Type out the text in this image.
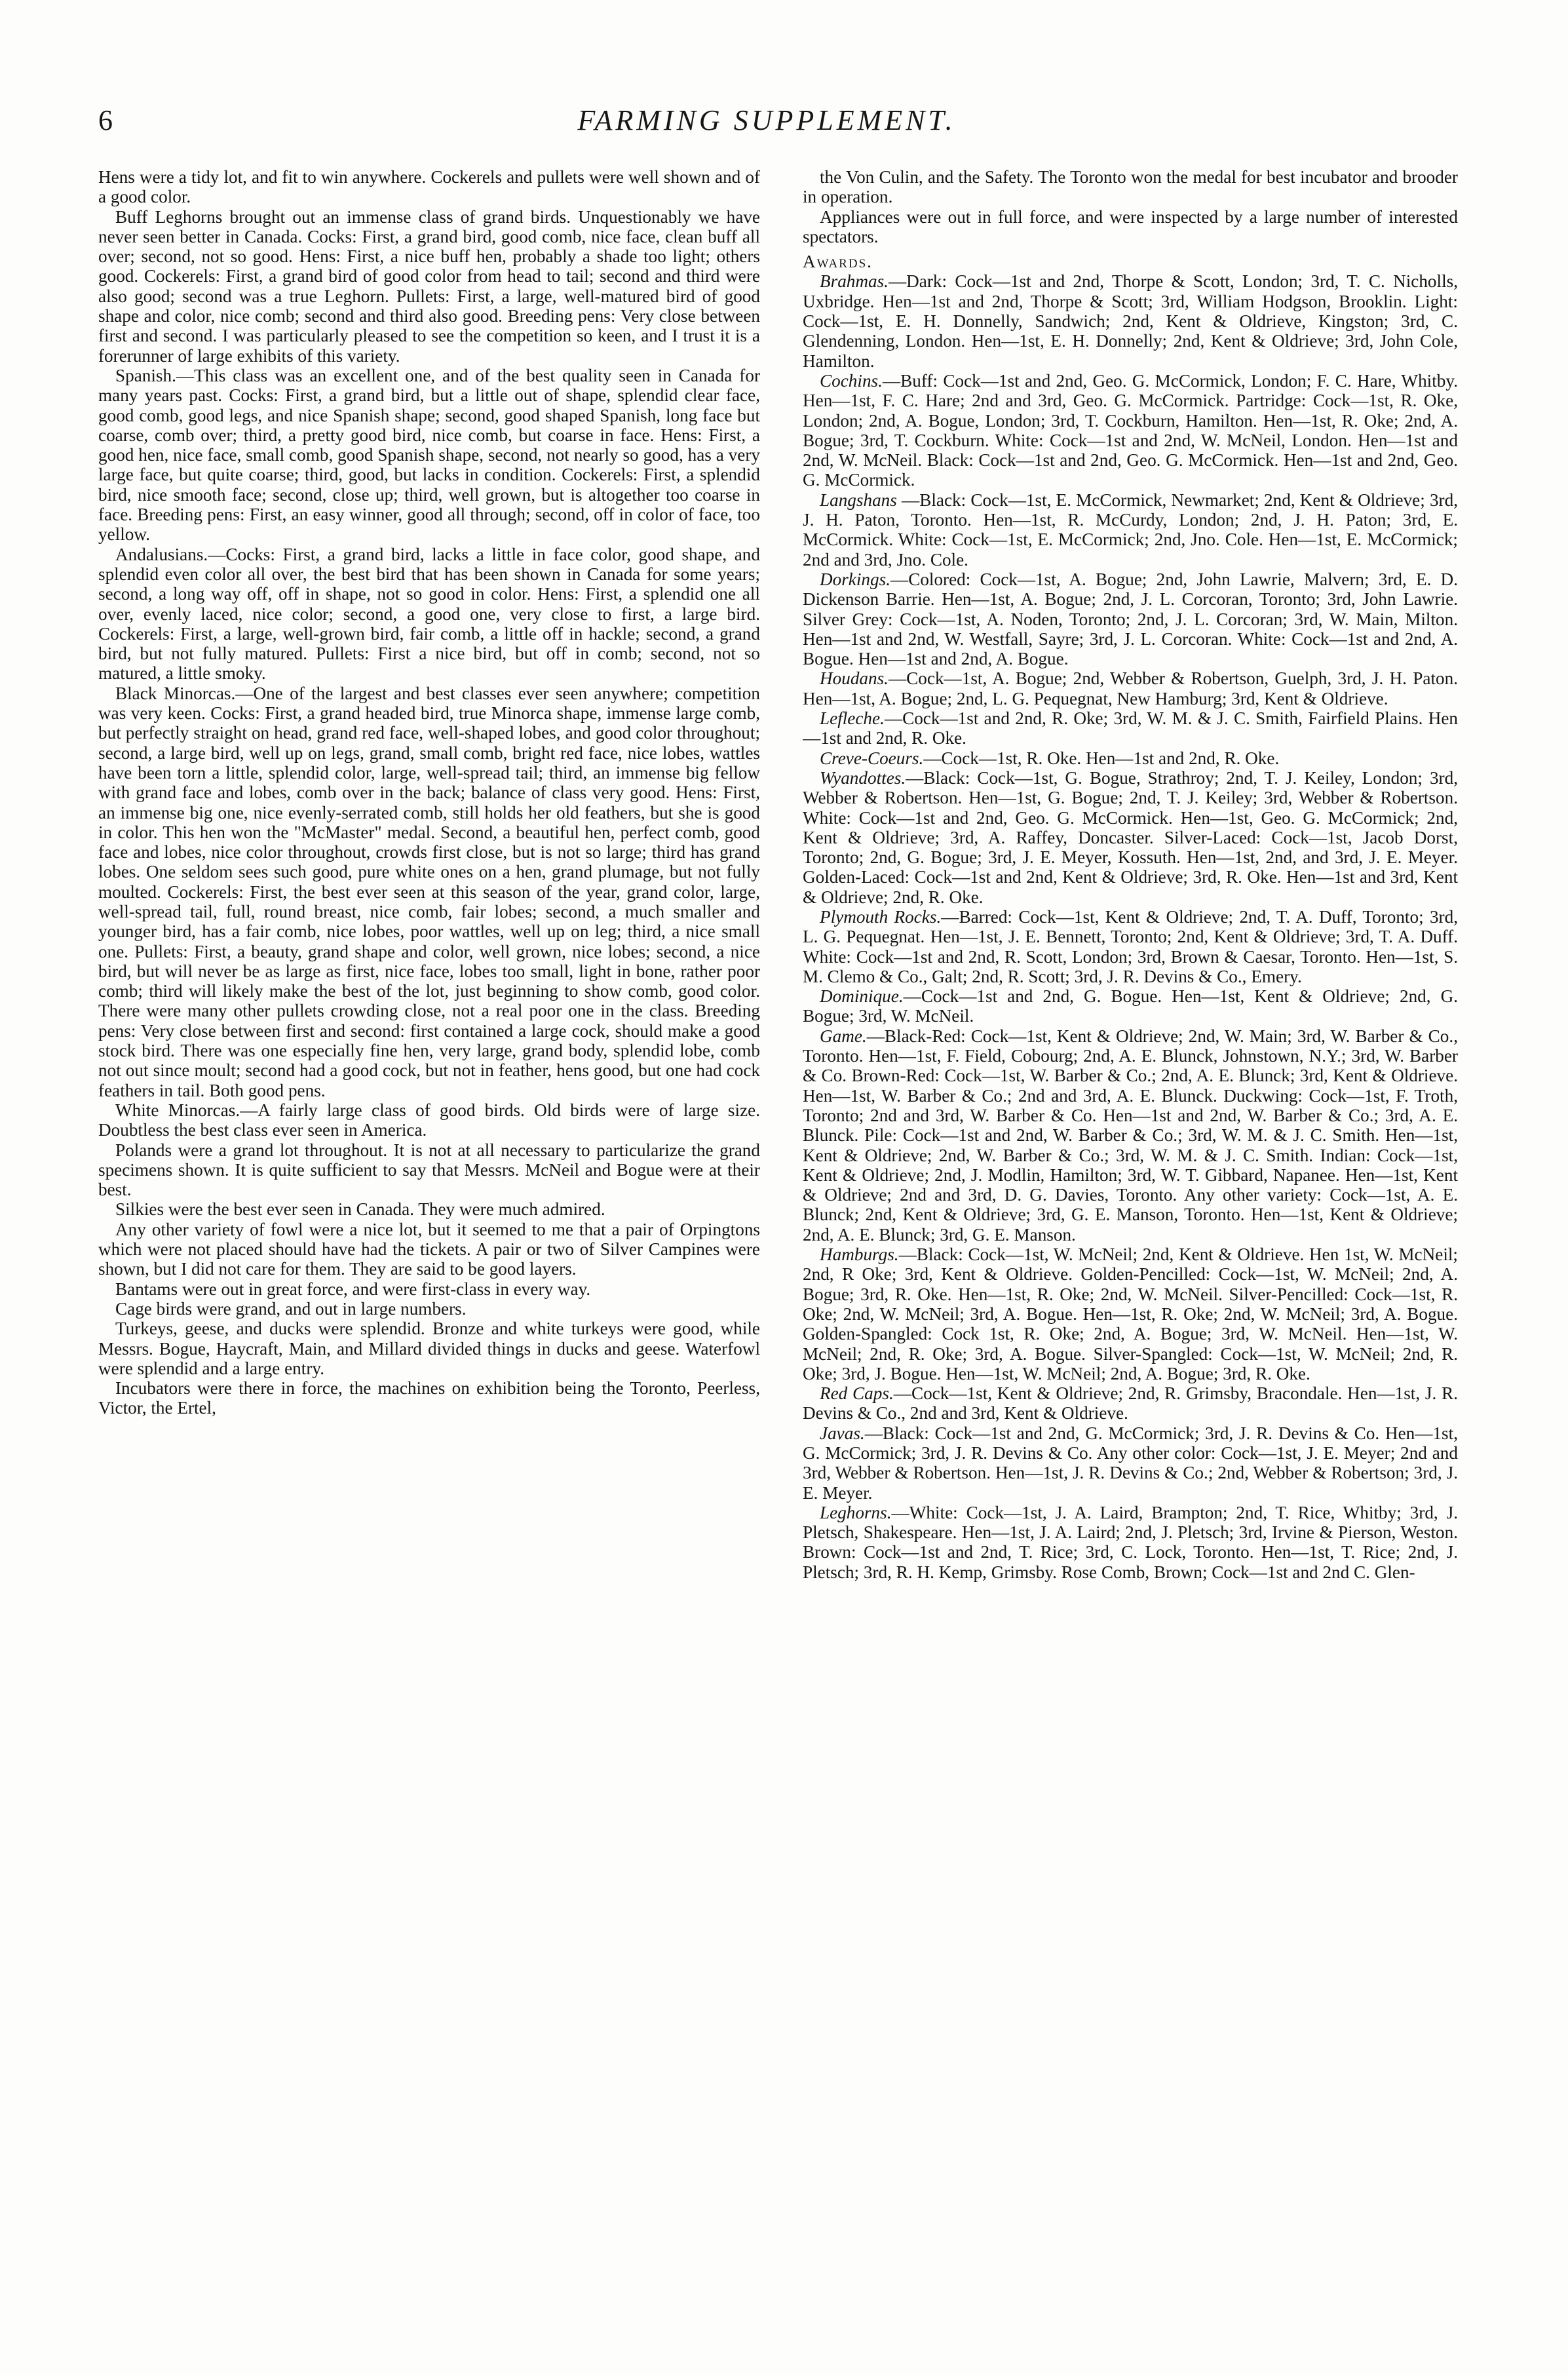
6	FARMING SUPPLEMENT.

Hens were a tidy lot, and fit to win anywhere. Cockerels and pullets were well shown and of a good color.

Buff Leghorns brought out an immense class of grand birds. Unquestionably we have never seen better in Canada. Cocks: First, a grand bird, good comb, nice face, clean buff all over; second, not so good. Hens: First, a nice buff hen, probably a shade too light; others good. Cockerels: First, a grand bird of good color from head to tail; second and third were also good; second was a true Leghorn. Pullets: First, a large, well-matured bird of good shape and color, nice comb; second and third also good. Breeding pens: Very close between first and second. I was particularly pleased to see the competition so keen, and I trust it is a forerunner of large exhibits of this variety.

Spanish.—This class was an excellent one, and of the best quality seen in Canada for many years past. Cocks: First, a grand bird, but a little out of shape, splendid clear face, good comb, good legs, and nice Spanish shape; second, good shaped Spanish, long face but coarse, comb over; third, a pretty good bird, nice comb, but coarse in face. Hens: First, a good hen, nice face, small comb, good Spanish shape, second, not nearly so good, has a very large face, but quite coarse; third, good, but lacks in condition. Cockerels: First, a splendid bird, nice smooth face; second, close up; third, well grown, but is altogether too coarse in face. Breeding pens: First, an easy winner, good all through; second, off in color of face, too yellow.

Andalusians.—Cocks: First, a grand bird, lacks a little in face color, good shape, and splendid even color all over, the best bird that has been shown in Canada for some years; second, a long way off, off in shape, not so good in color. Hens: First, a splendid one all over, evenly laced, nice color; second, a good one, very close to first, a large bird. Cockerels: First, a large, well-grown bird, fair comb, a little off in hackle; second, a grand bird, but not fully matured. Pullets: First a nice bird, but off in comb; second, not so matured, a little smoky.

Black Minorcas.—One of the largest and best classes ever seen anywhere; competition was very keen. Cocks: First, a grand headed bird, true Minorca shape, immense large comb, but perfectly straight on head, grand red face, well-shaped lobes, and good color throughout; second, a large bird, well up on legs, grand, small comb, bright red face, nice lobes, wattles have been torn a little, splendid color, large, well-spread tail; third, an immense big fellow with grand face and lobes, comb over in the back; balance of class very good. Hens: First, an immense big one, nice evenly-serrated comb, still holds her old feathers, but she is good in color. This hen won the "McMaster" medal. Second, a beautiful hen, perfect comb, good face and lobes, nice color throughout, crowds first close, but is not so large; third has grand lobes. One seldom sees such good, pure white ones on a hen, grand plumage, but not fully moulted. Cockerels: First, the best ever seen at this season of the year, grand color, large, well-spread tail, full, round breast, nice comb, fair lobes; second, a much smaller and younger bird, has a fair comb, nice lobes, poor wattles, well up on leg; third, a nice small one. Pullets: First, a beauty, grand shape and color, well grown, nice lobes; second, a nice bird, but will never be as large as first, nice face, lobes too small, light in bone, rather poor comb; third will likely make the best of the lot, just beginning to show comb, good color. There were many other pullets crowding close, not a real poor one in the class. Breeding pens: Very close between first and second: first contained a large cock, should make a good stock bird. There was one especially fine hen, very large, grand body, splendid lobe, comb not out since moult; second had a good cock, but not in feather, hens good, but one had cock feathers in tail. Both good pens.

White Minorcas.—A fairly large class of good birds. Old birds were of large size. Doubtless the best class ever seen in America.

Polands were a grand lot throughout. It is not at all necessary to particularize the grand specimens shown. It is quite sufficient to say that Messrs. McNeil and Bogue were at their best.

Silkies were the best ever seen in Canada. They were much admired.

Any other variety of fowl were a nice lot, but it seemed to me that a pair of Orpingtons which were not placed should have had the tickets. A pair or two of Silver Campines were shown, but I did not care for them. They are said to be good layers.

Bantams were out in great force, and were first-class in every way.

Cage birds were grand, and out in large numbers.

Turkeys, geese, and ducks were splendid. Bronze and white turkeys were good, while Messrs. Bogue, Haycraft, Main, and Millard divided things in ducks and geese. Waterfowl were splendid and a large entry.

Incubators were there in force, the machines on exhibition being the Toronto, Peerless, Victor, the Ertel,

the Von Culin, and the Safety. The Toronto won the medal for best incubator and brooder in operation.

Appliances were out in full force, and were inspected by a large number of interested spectators.

Awards.

Brahmas.—Dark: Cock—1st and 2nd, Thorpe & Scott, London; 3rd, T. C. Nicholls, Uxbridge. Hen—1st and 2nd, Thorpe & Scott; 3rd, William Hodgson, Brooklin. Light: Cock—1st, E. H. Donnelly, Sandwich; 2nd, Kent & Oldrieve, Kingston; 3rd, C. Glendenning, London. Hen—1st, E. H. Donnelly; 2nd, Kent & Oldrieve; 3rd, John Cole, Hamilton.

Cochins.—Buff: Cock—1st and 2nd, Geo. G. McCormick, London; F. C. Hare, Whitby. Hen—1st, F. C. Hare; 2nd and 3rd, Geo. G. McCormick. Partridge: Cock—1st, R. Oke, London; 2nd, A. Bogue, London; 3rd, T. Cockburn, Hamilton. Hen—1st, R. Oke; 2nd, A. Bogue; 3rd, T. Cockburn. White: Cock—1st and 2nd, W. McNeil, London. Hen—1st and 2nd, W. McNeil. Black: Cock—1st and 2nd, Geo. G. McCormick. Hen—1st and 2nd, Geo. G. McCormick.

Langshans —Black: Cock—1st, E. McCormick, Newmarket; 2nd, Kent & Oldrieve; 3rd, J. H. Paton, Toronto. Hen—1st, R. McCurdy, London; 2nd, J. H. Paton; 3rd, E. McCormick. White: Cock—1st, E. McCormick; 2nd, Jno. Cole. Hen—1st, E. McCormick; 2nd and 3rd, Jno. Cole.

Dorkings.—Colored: Cock—1st, A. Bogue; 2nd, John Lawrie, Malvern; 3rd, E. D. Dickenson Barrie. Hen—1st, A. Bogue; 2nd, J. L. Corcoran, Toronto; 3rd, John Lawrie. Silver Grey: Cock—1st, A. Noden, Toronto; 2nd, J. L. Corcoran; 3rd, W. Main, Milton. Hen—1st and 2nd, W. Westfall, Sayre; 3rd, J. L. Corcoran. White: Cock—1st and 2nd, A. Bogue. Hen—1st and 2nd, A. Bogue.

Houdans.—Cock—1st, A. Bogue; 2nd, Webber & Robertson, Guelph, 3rd, J. H. Paton. Hen—1st, A. Bogue; 2nd, L. G. Pequegnat, New Hamburg; 3rd, Kent & Oldrieve.

Lefleche.—Cock—1st and 2nd, R. Oke; 3rd, W. M. & J. C. Smith, Fairfield Plains. Hen—1st and 2nd, R. Oke.

Creve-Coeurs.—Cock—1st, R. Oke. Hen—1st and 2nd, R. Oke.

Wyandottes.—Black: Cock—1st, G. Bogue, Strathroy; 2nd, T. J. Keiley, London; 3rd, Webber & Robertson. Hen—1st, G. Bogue; 2nd, T. J. Keiley; 3rd, Webber & Robertson. White: Cock—1st and 2nd, Geo. G. McCormick. Hen—1st, Geo. G. McCormick; 2nd, Kent & Oldrieve; 3rd, A. Raffey, Doncaster. Silver-Laced: Cock—1st, Jacob Dorst, Toronto; 2nd, G. Bogue; 3rd, J. E. Meyer, Kossuth. Hen—1st, 2nd, and 3rd, J. E. Meyer. Golden-Laced: Cock—1st and 2nd, Kent & Oldrieve; 3rd, R. Oke. Hen—1st and 3rd, Kent & Oldrieve; 2nd, R. Oke.

Plymouth Rocks.—Barred: Cock—1st, Kent & Oldrieve; 2nd, T. A. Duff, Toronto; 3rd, L. G. Pequegnat. Hen—1st, J. E. Bennett, Toronto; 2nd, Kent & Oldrieve; 3rd, T. A. Duff. White: Cock—1st and 2nd, R. Scott, London; 3rd, Brown & Caesar, Toronto. Hen—1st, S. M. Clemo & Co., Galt; 2nd, R. Scott; 3rd, J. R. Devins & Co., Emery.

Dominique.—Cock—1st and 2nd, G. Bogue. Hen—1st, Kent & Oldrieve; 2nd, G. Bogue; 3rd, W. McNeil.

Game.—Black-Red: Cock—1st, Kent & Oldrieve; 2nd, W. Main; 3rd, W. Barber & Co., Toronto. Hen—1st, F. Field, Cobourg; 2nd, A. E. Blunck, Johnstown, N.Y.; 3rd, W. Barber & Co. Brown-Red: Cock—1st, W. Barber & Co.; 2nd, A. E. Blunck; 3rd, Kent & Oldrieve. Hen—1st, W. Barber & Co.; 2nd and 3rd, A. E. Blunck. Duckwing: Cock—1st, F. Troth, Toronto; 2nd and 3rd, W. Barber & Co. Hen—1st and 2nd, W. Barber & Co.; 3rd, A. E. Blunck. Pile: Cock—1st and 2nd, W. Barber & Co.; 3rd, W. M. & J. C. Smith. Hen—1st, Kent & Oldrieve; 2nd, W. Barber & Co.; 3rd, W. M. & J. C. Smith. Indian: Cock—1st, Kent & Oldrieve; 2nd, J. Modlin, Hamilton; 3rd, W. T. Gibbard, Napanee. Hen—1st, Kent & Oldrieve; 2nd and 3rd, D. G. Davies, Toronto. Any other variety: Cock—1st, A. E. Blunck; 2nd, Kent & Oldrieve; 3rd, G. E. Manson, Toronto. Hen—1st, Kent & Oldrieve; 2nd, A. E. Blunck; 3rd, G. E. Manson.

Hamburgs.—Black: Cock—1st, W. McNeil; 2nd, Kent & Oldrieve. Hen 1st, W. McNeil; 2nd, R Oke; 3rd, Kent & Oldrieve. Golden-Pencilled: Cock—1st, W. McNeil; 2nd, A. Bogue; 3rd, R. Oke. Hen—1st, R. Oke; 2nd, W. McNeil. Silver-Pencilled: Cock—1st, R. Oke; 2nd, W. McNeil; 3rd, A. Bogue. Hen—1st, R. Oke; 2nd, W. McNeil; 3rd, A. Bogue. Golden-Spangled: Cock 1st, R. Oke; 2nd, A. Bogue; 3rd, W. McNeil. Hen—1st, W. McNeil; 2nd, R. Oke; 3rd, A. Bogue. Silver-Spangled: Cock—1st, W. McNeil; 2nd, R. Oke; 3rd, J. Bogue. Hen—1st, W. McNeil; 2nd, A. Bogue; 3rd, R. Oke.

Red Caps.—Cock—1st, Kent & Oldrieve; 2nd, R. Grimsby, Bracondale. Hen—1st, J. R. Devins & Co., 2nd and 3rd, Kent & Oldrieve.

Javas.—Black: Cock—1st and 2nd, G. McCormick; 3rd, J. R. Devins & Co. Hen—1st, G. McCormick; 3rd, J. R. Devins & Co. Any other color: Cock—1st, J. E. Meyer; 2nd and 3rd, Webber & Robertson. Hen—1st, J. R. Devins & Co.; 2nd, Webber & Robertson; 3rd, J. E. Meyer.

Leghorns.—White: Cock—1st, J. A. Laird, Brampton; 2nd, T. Rice, Whitby; 3rd, J. Pletsch, Shakespeare. Hen—1st, J. A. Laird; 2nd, J. Pletsch; 3rd, Irvine & Pierson, Weston. Brown: Cock—1st and 2nd, T. Rice; 3rd, C. Lock, Toronto. Hen—1st, T. Rice; 2nd, J. Pletsch; 3rd, R. H. Kemp, Grimsby. Rose Comb, Brown; Cock—1st and 2nd C. Glen-
